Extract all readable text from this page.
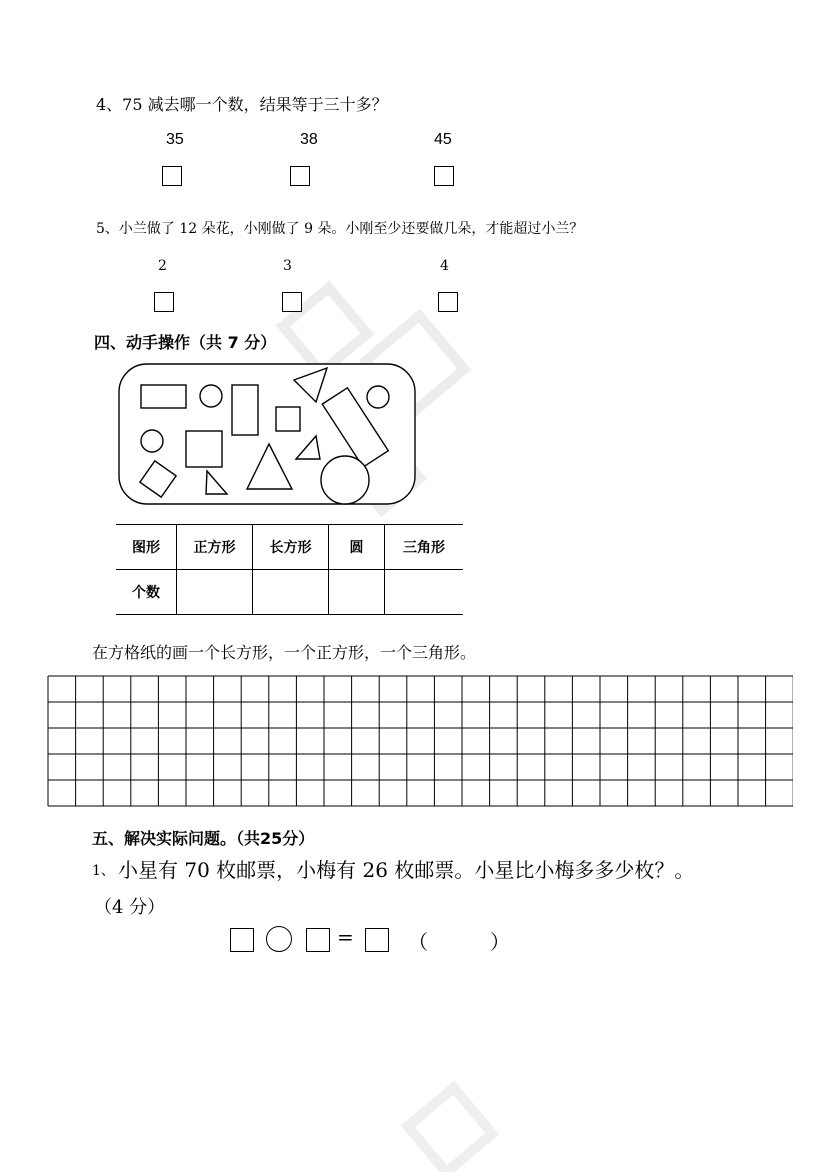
4、75 减去哪一个数，结果等于三十多？
35	38	45
5、小兰做了 12 朵花，小刚做了 9 朵。小刚至少还要做几朵，才能超过小兰？
2	3	4
四、动手操作（共 7 分）
图形	正方形	长方形	圆	三角形
个数				
在方格纸的画一个长方形，一个正方形，一个三角形。
五、解决实际问题。（共25分）
1、 小星有 70 枚邮票，小梅有 26 枚邮票。小星比小梅多多少枚？。
（4 分）
=	（	）
